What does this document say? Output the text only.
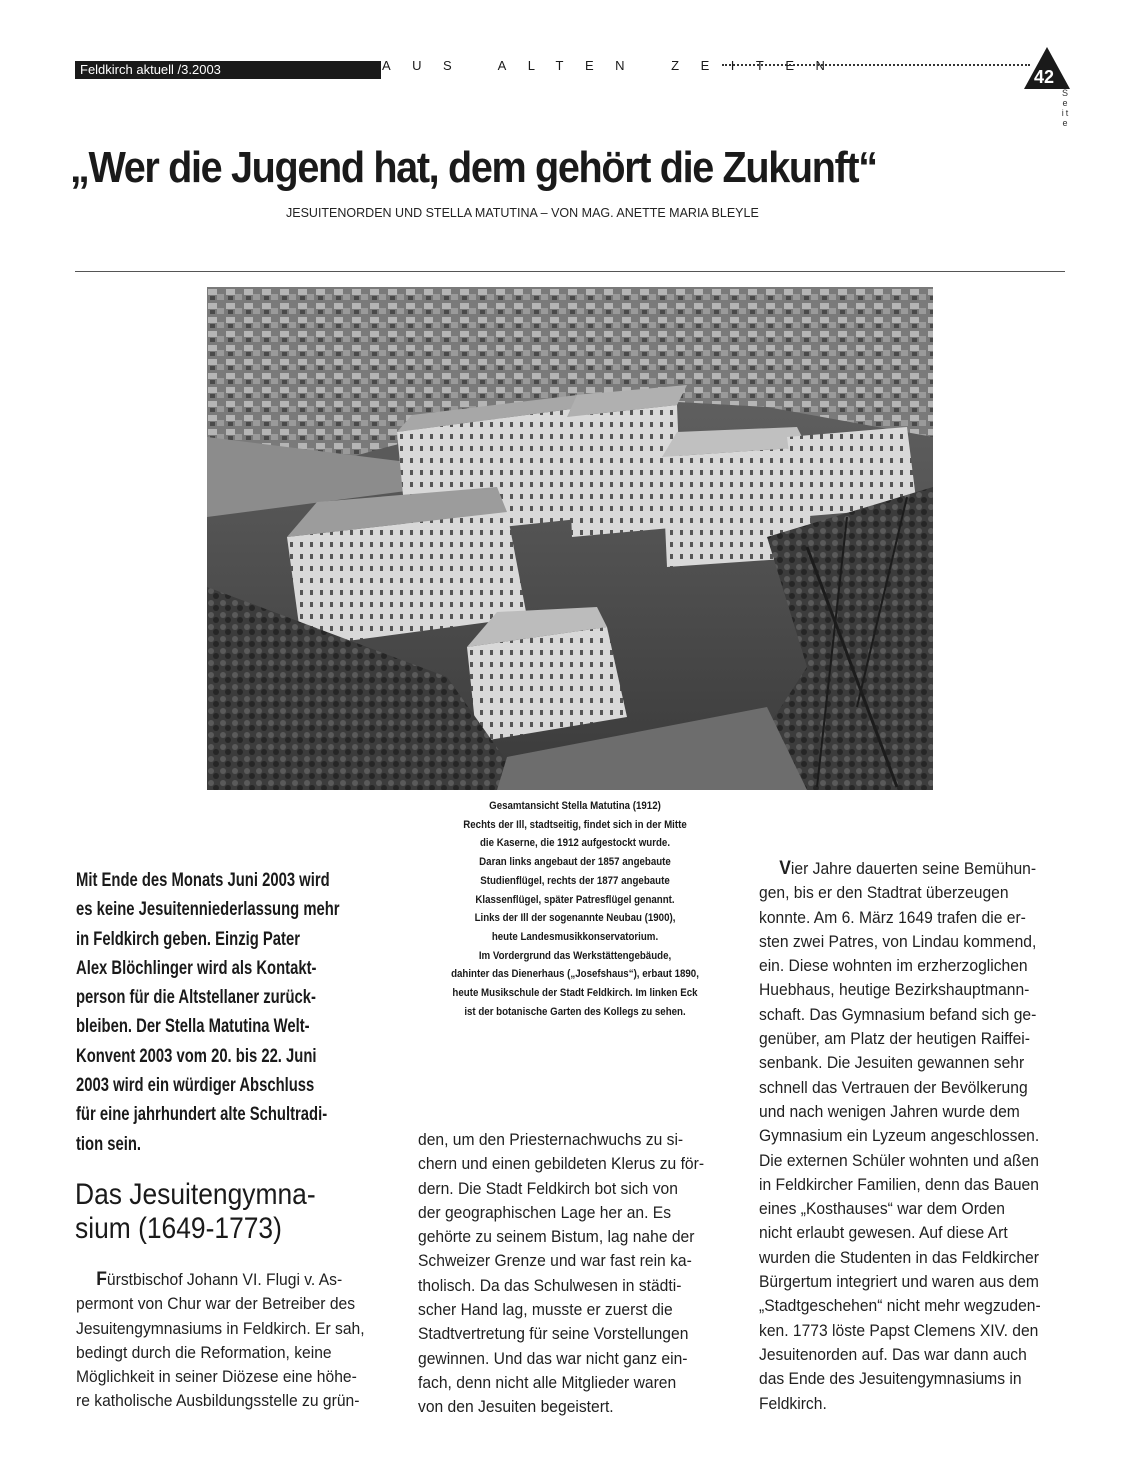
Feldkirch aktuell /3.2003	AUS ALTEN ZEITEN
42
Seite
„Wer die Jugend hat, dem gehört die Zukunft“
JESUITENORDEN UND STELLA MATUTINA – VON MAG. ANETTE MARIA BLEYLE
Gesamtansicht Stella Matutina (1912)
Rechts der Ill, stadtseitig, findet sich in der Mitte
die Kaserne, die 1912 aufgestockt wurde.
Daran links angebaut der 1857 angebaute
Studienflügel, rechts der 1877 angebaute
Klassenflügel, später Patresflügel genannt.
Links der Ill der sogenannte Neubau (1900),
heute Landesmusikkonservatorium.
Im Vordergrund das Werkstättengebäude,
dahinter das Dienerhaus („Josefshaus“), erbaut 1890,
heute Musikschule der Stadt Feldkirch. Im linken Eck
ist der botanische Garten des Kollegs zu sehen.
Mit Ende des Monats Juni 2003 wird
es keine Jesuitenniederlassung mehr
in Feldkirch geben. Einzig Pater
Alex Blöchlinger wird als Kontakt-
person für die Altstellaner zurück-
bleiben. Der Stella Matutina Welt-
Konvent 2003 vom 20. bis 22. Juni
2003 wird ein würdiger Abschluss
für eine jahrhundert alte Schultradi-
tion sein.
Das Jesuitengymna-
sium (1649-1773)
Fürstbischof Johann VI. Flugi v. As-
permont von Chur war der Betreiber des
Jesuitengymnasiums in Feldkirch. Er sah,
bedingt durch die Reformation, keine
Möglichkeit in seiner Diözese eine höhe-
re katholische Ausbildungsstelle zu grün-
den, um den Priesternachwuchs zu si-
chern und einen gebildeten Klerus zu för-
dern. Die Stadt Feldkirch bot sich von
der geographischen Lage her an. Es
gehörte zu seinem Bistum, lag nahe der
Schweizer Grenze und war fast rein ka-
tholisch. Da das Schulwesen in städti-
scher Hand lag, musste er zuerst die
Stadtvertretung für seine Vorstellungen
gewinnen. Und das war nicht ganz ein-
fach, denn nicht alle Mitglieder waren
von den Jesuiten begeistert.
Vier Jahre dauerten seine Bemühun-
gen, bis er den Stadtrat überzeugen
konnte. Am 6. März 1649 trafen die er-
sten zwei Patres, von Lindau kommend,
ein. Diese wohnten im erzherzoglichen
Huebhaus, heutige Bezirkshauptmann-
schaft. Das Gymnasium befand sich ge-
genüber, am Platz der heutigen Raiffei-
senbank. Die Jesuiten gewannen sehr
schnell das Vertrauen der Bevölkerung
und nach wenigen Jahren wurde dem
Gymnasium ein Lyzeum angeschlossen.
Die externen Schüler wohnten und aßen
in Feldkircher Familien, denn das Bauen
eines „Kosthauses“ war dem Orden
nicht erlaubt gewesen. Auf diese Art
wurden die Studenten in das Feldkircher
Bürgertum integriert und waren aus dem
„Stadtgeschehen“ nicht mehr wegzuden-
ken. 1773 löste Papst Clemens XIV. den
Jesuitenorden auf. Das war dann auch
das Ende des Jesuitengymnasiums in
Feldkirch.
